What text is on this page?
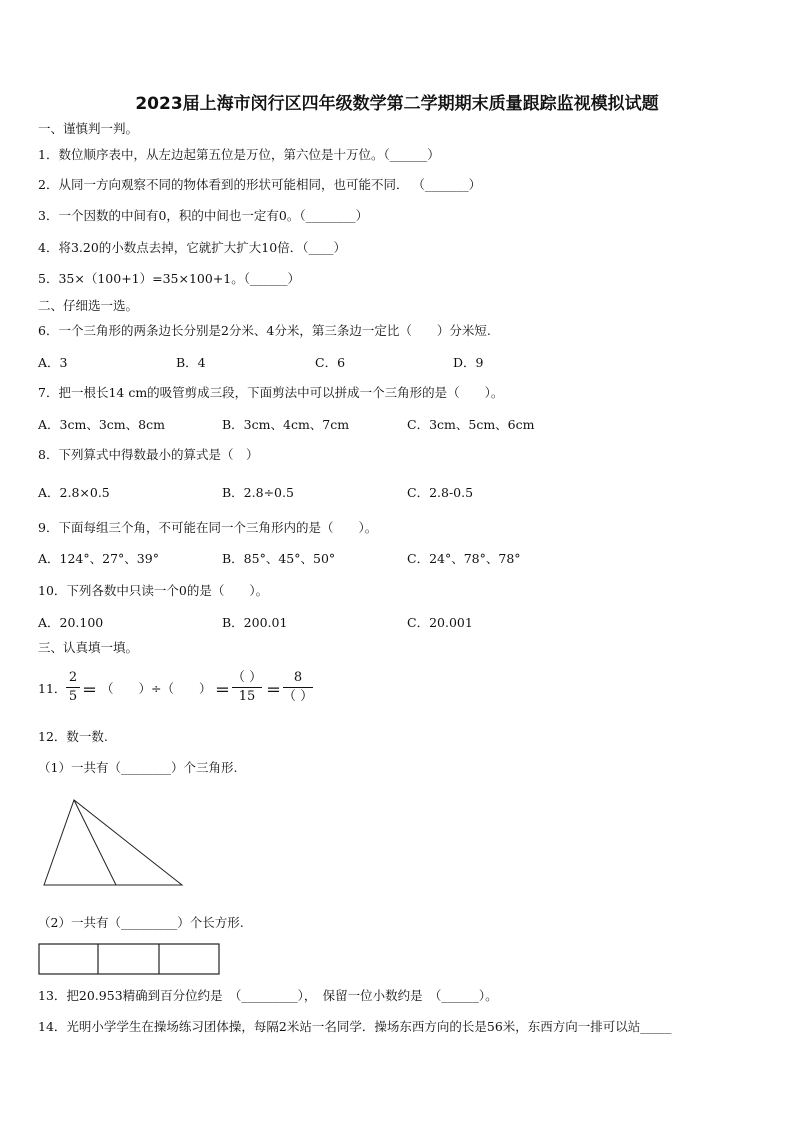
2023届上海市闵行区四年级数学第二学期期末质量跟踪监视模拟试题
一、谨慎判一判。
1．数位顺序表中，从左边起第五位是万位，第六位是十万位。（______）
2．从同一方向观察不同的物体看到的形状可能相同，也可能不同． （_______）
3．一个因数的中间有0，积的中间也一定有0。（________）
4．将3.20的小数点去掉，它就扩大扩大10倍．（____）
5．35×（100+1）=35×100+1。（______）
二、仔细选一选。
6．一个三角形的两条边长分别是2分米、4分米，第三条边一定比（　　）分米短.
A．3	B．4	C．6	D．9
7．把一根长14 cm的吸管剪成三段，下面剪法中可以拼成一个三角形的是（　　）。
A．3cm、3cm、8cm	B．3cm、4cm、7cm	C．3cm、5cm、6cm
8．下列算式中得数最小的算式是（　）
A．2.8×0.5	B．2.8÷0.5	C．2.8-0.5
9．下面每组三个角，不可能在同一个三角形内的是（　　）。
A．124°、27°、39°	B．85°、45°、50°	C．24°、78°、78°
10．下列各数中只读一个0的是（　　）。
A．20.100	B．200.01	C．20.001
三、认真填一填。
11．
2
5 ＝ （　　）÷（　　） ＝
（ ）
15 ＝
8
（ ）
12．数一数.
（1）一共有（________）个三角形.
（2）一共有（_________）个长方形.
13．把20.953精确到百分位约是　（_________），　保留一位小数约是　（______）。
14．光明小学学生在操场练习团体操，每隔2米站一名同学．操场东西方向的长是56米，东西方向一排可以站_____
